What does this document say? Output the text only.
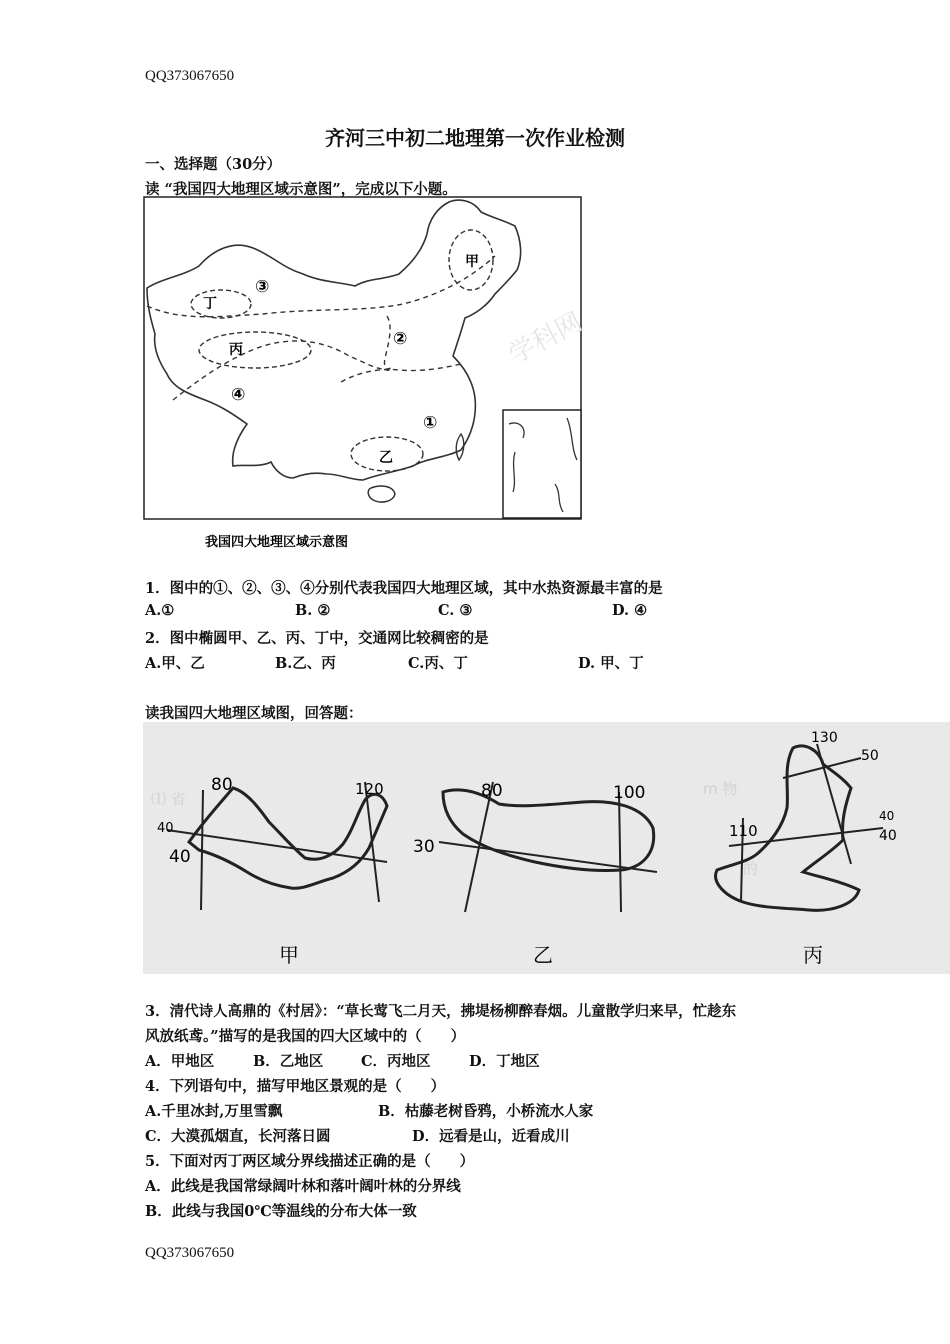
QQ373067650
齐河三中初二地理第一次作业检测
一、选择题（30分）
读 “我国四大地理区域示意图”，完成以下小题。
学科网
甲
乙
丙
丁
①
②
③
④
我国四大地理区域示意图
1．图中的①、②、③、④分别代表我国四大地理区域，其中水热资源最丰富的是
A.①	B. ②	C. ③	D. ④
2．图中椭圆甲、乙、丙、丁中，交通网比较稠密的是
A.甲、乙	B.乙、丙	C.丙、丁	D. 甲、丁
读我国四大地理区域图，回答题：
⑴ 省
m 物
的
80	120
40
40
甲
80	100
30
乙
130
50
110	40
40
丙
3．清代诗人高鼎的《村居》：“草长莺飞二月天，拂堤杨柳醉春烟。儿童散学归来早，忙趁东
风放纸鸢。”描写的是我国的四大区域中的（　　）
A．甲地区	B．乙地区	C．丙地区	D．丁地区
4．下列语句中，描写甲地区景观的是（　　）
A.千里冰封,万里雪飘	B．枯藤老树昏鸦，小桥流水人家
C．大漠孤烟直，长河落日圆	D．远看是山，近看成川
5．下面对丙丁两区域分界线描述正确的是（　　）
A．此线是我国常绿阔叶林和落叶阔叶林的分界线
B．此线与我国0℃等温线的分布大体一致
QQ373067650
